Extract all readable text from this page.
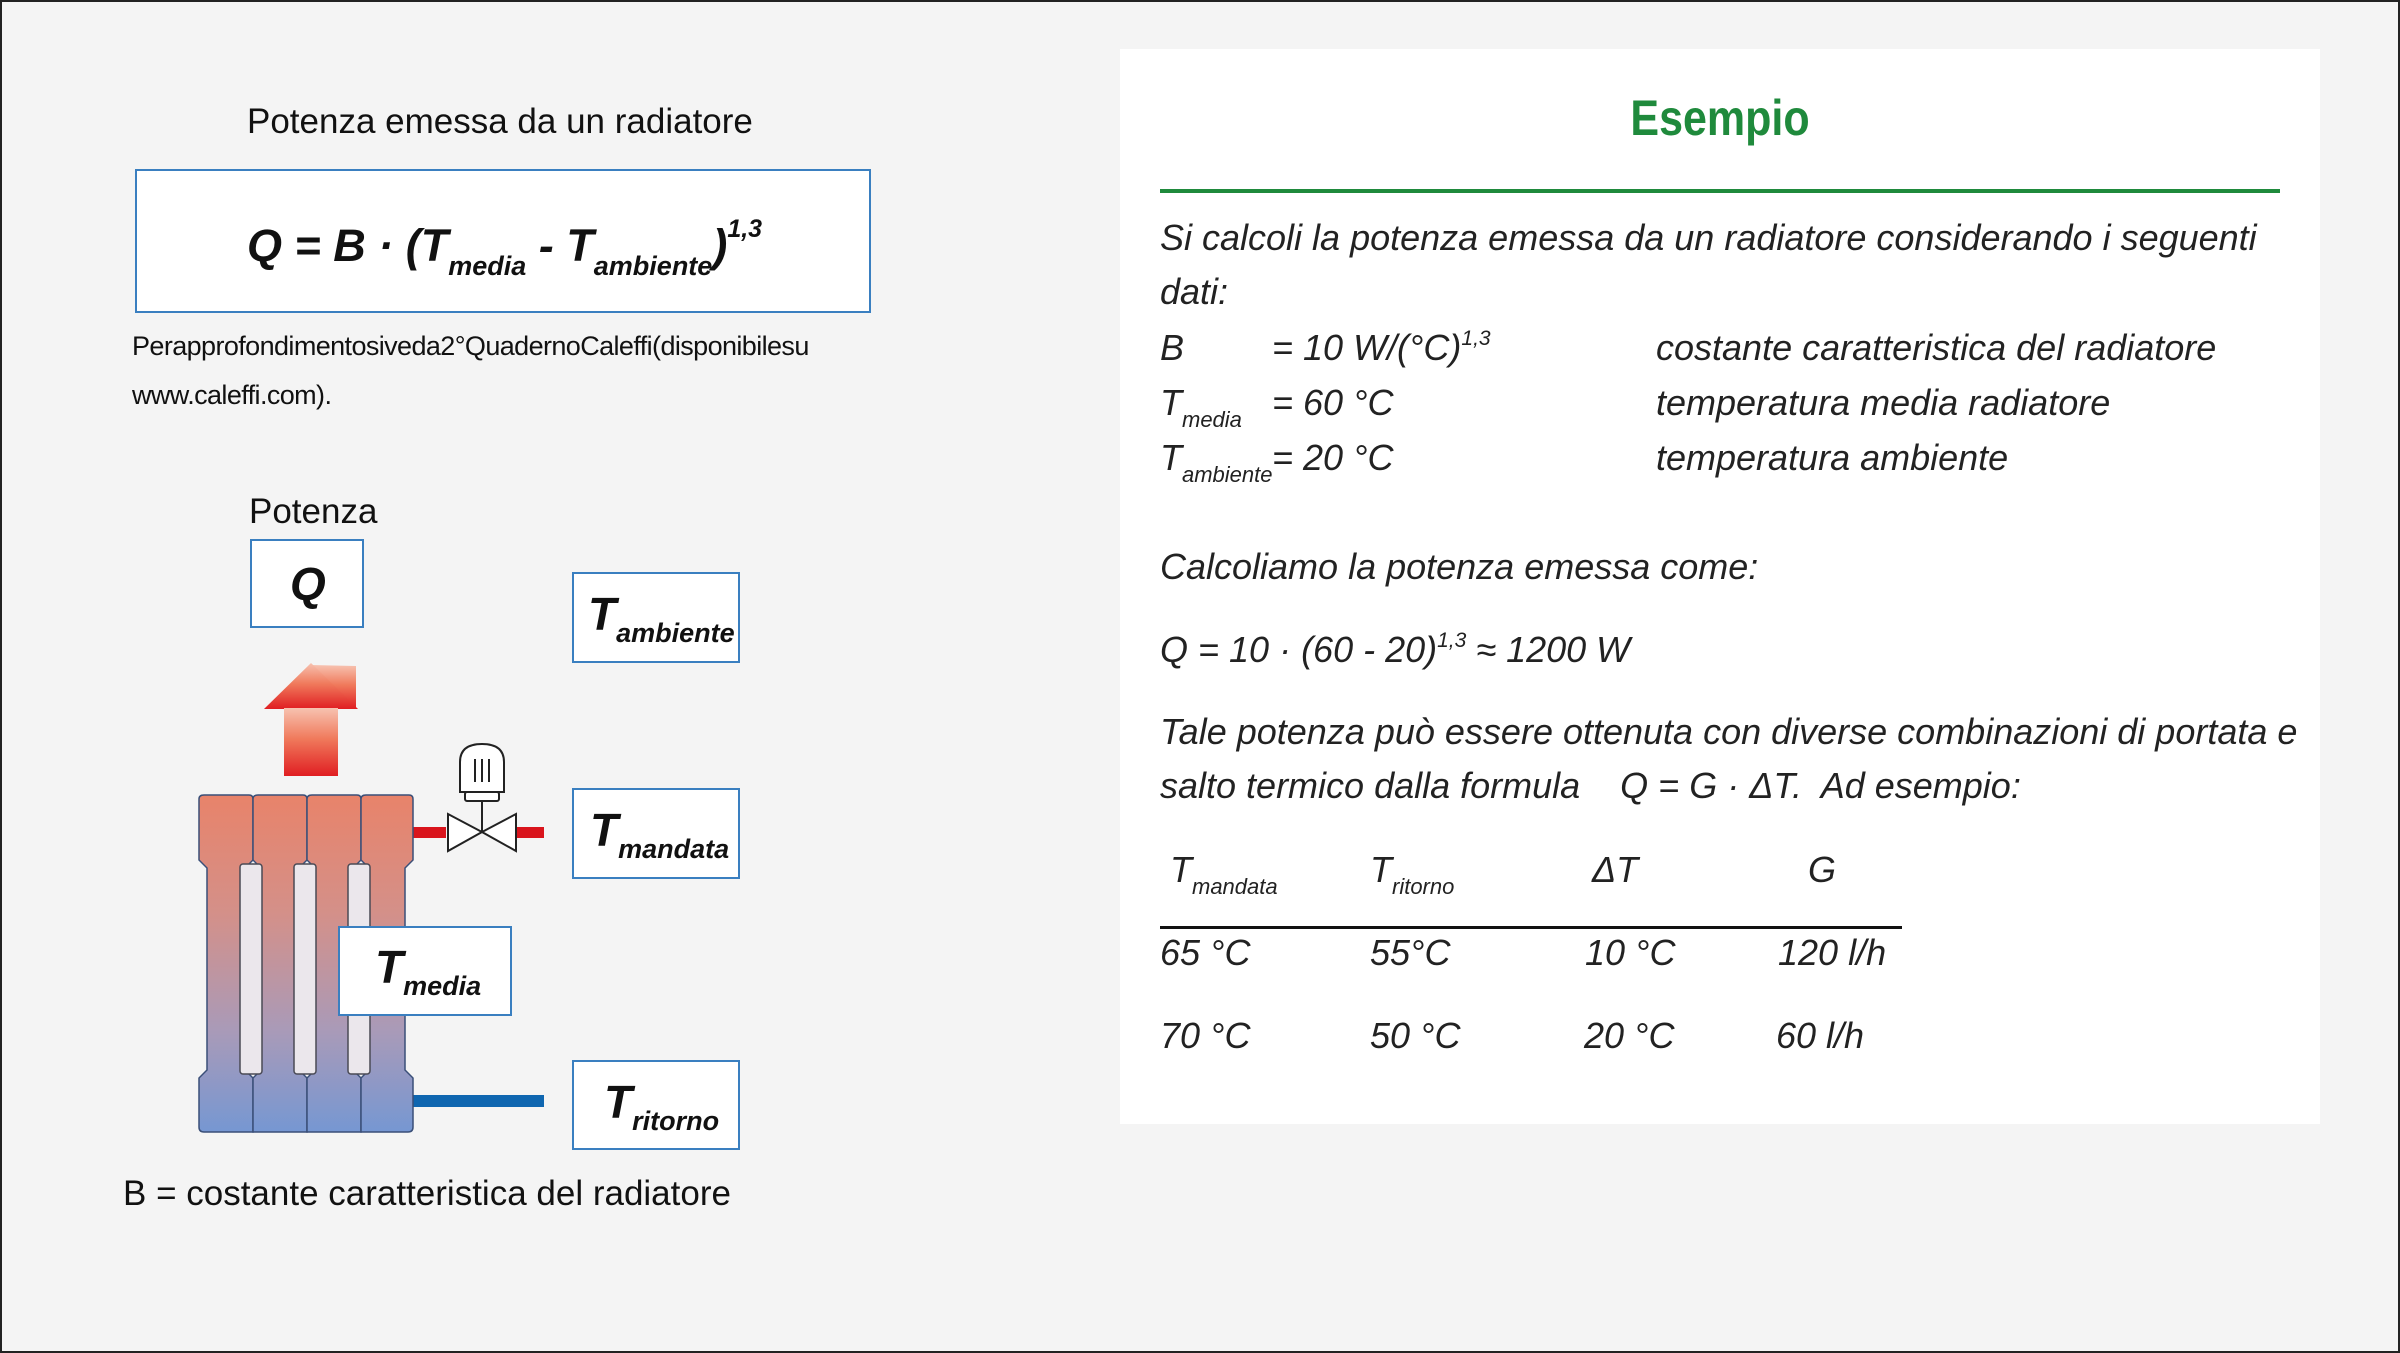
Potenza emessa da un radiatore
$Q = B \cdot (T_{media} - T_{ambiente})^{1,3}$
Perapprofondimentosiveda2°QuadernoCaleffi(disponibilesu
www.caleffi.com).
Potenza
Q
$T_{ambiente}$
$T_{mandata}$
$T_{media}$
$T_{ritorno}$
B = costante caratteristica del radiatore
Esempio
Si calcoli la potenza emessa da un radiatore considerando i seguenti
dati:
B = 10 $W/(^\circ C)^{1,3}$	costante caratteristica del radiatore
$T_{media} = 60$ °C	temperatura media radiatore
$T_{ambiente} = 20$ °C	temperatura ambiente
Calcoliamo la potenza emessa come:
Q = 10 · (60 - 20)$^{1,3}$ ≈ 1200 W
Tale potenza può essere ottenuta con diverse combinazioni di portata e
salto termico dalla formula    Q = G · ΔT.  Ad esempio:
$T_{mandata}$	$T_{ritorno}$	ΔT	G
65 °C	55°C	10 °C	120 l/h
70 °C	50 °C	20 °C	60 l/h
